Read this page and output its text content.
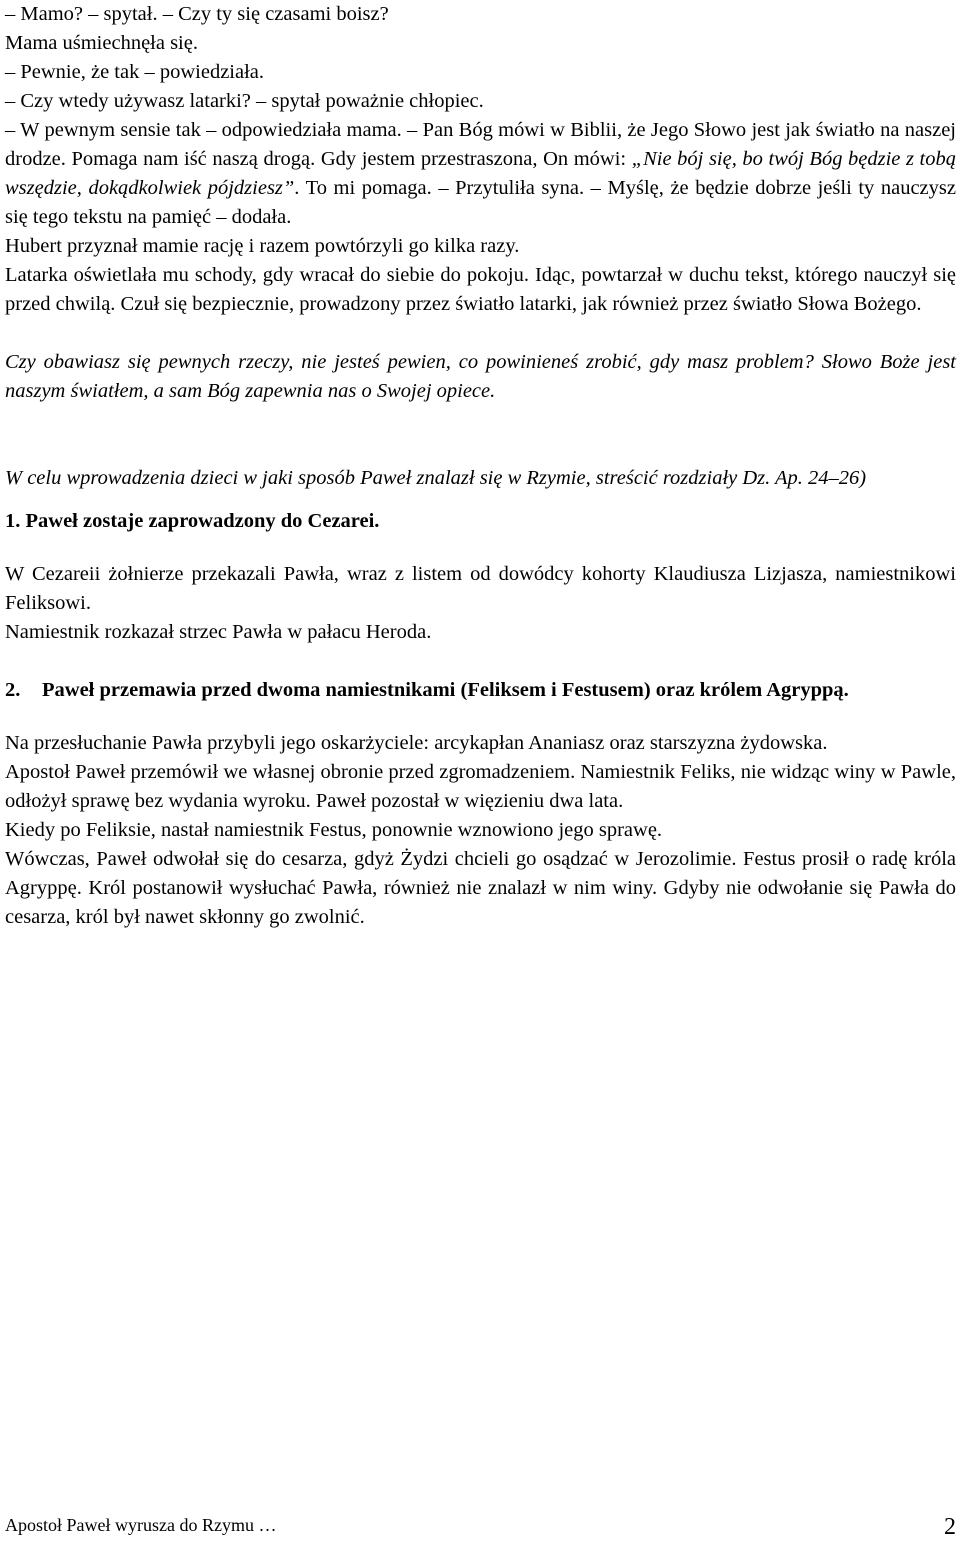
– Mamo? – spytał. – Czy ty się czasami boisz?

Mama uśmiechnęła się.

– Pewnie, że tak – powiedziała.

– Czy wtedy używasz latarki? – spytał poważnie chłopiec.

– W pewnym sensie tak – odpowiedziała mama. – Pan Bóg mówi w Biblii, że Jego Słowo jest jak światło na naszej drodze. Pomaga nam iść naszą drogą. Gdy jestem przestraszona, On mówi: „Nie bój się, bo twój Bóg będzie z tobą wszędzie, dokądkolwiek pójdziesz”. To mi pomaga. – Przytuliła syna. – Myślę, że będzie dobrze jeśli ty nauczysz się tego tekstu na pamięć – dodała.

Hubert przyznał mamie rację i razem powtórzyli go kilka razy.

Latarka oświetlała mu schody, gdy wracał do siebie do pokoju. Idąc, powtarzał w duchu tekst, którego nauczył się przed chwilą. Czuł się bezpiecznie, prowadzony przez światło latarki, jak również przez światło Słowa Bożego.

Czy obawiasz się pewnych rzeczy, nie jesteś pewien, co powinieneś zrobić, gdy masz problem? Słowo Boże jest naszym światłem, a sam Bóg zapewnia nas o Swojej opiece.

W celu wprowadzenia dzieci w jaki sposób Paweł znalazł się w Rzymie, streścić rozdziały Dz. Ap. 24–26)

1. Paweł zostaje zaprowadzony do Cezarei.

W Cezareii żołnierze przekazali Pawła, wraz z listem od dowódcy kohorty Klaudiusza Lizjasza, namiestnikowi Feliksowi.

Namiestnik rozkazał strzec Pawła w pałacu Heroda.

2.	Paweł przemawia przed dwoma namiestnikami (Feliksem i Festusem) oraz królem Agryppą.

Na przesłuchanie Pawła przybyli jego oskarżyciele: arcykapłan Ananiasz oraz starszyzna żydowska.

Apostoł Paweł przemówił we własnej obronie przed zgromadzeniem. Namiestnik Feliks, nie widząc winy w Pawle, odłożył sprawę bez wydania wyroku. Paweł pozostał w więzieniu dwa lata.

Kiedy po Feliksie, nastał namiestnik Festus, ponownie wznowiono jego sprawę.

Wówczas, Paweł odwołał się do cesarza, gdyż Żydzi chcieli go osądzać w Jerozolimie. Festus prosił o radę króla Agryppę. Król postanowił wysłuchać Pawła, również nie znalazł w nim winy. Gdyby nie odwołanie się Pawła do cesarza, król był nawet skłonny go zwolnić.

Apostoł Paweł wyrusza do Rzymu …	2
